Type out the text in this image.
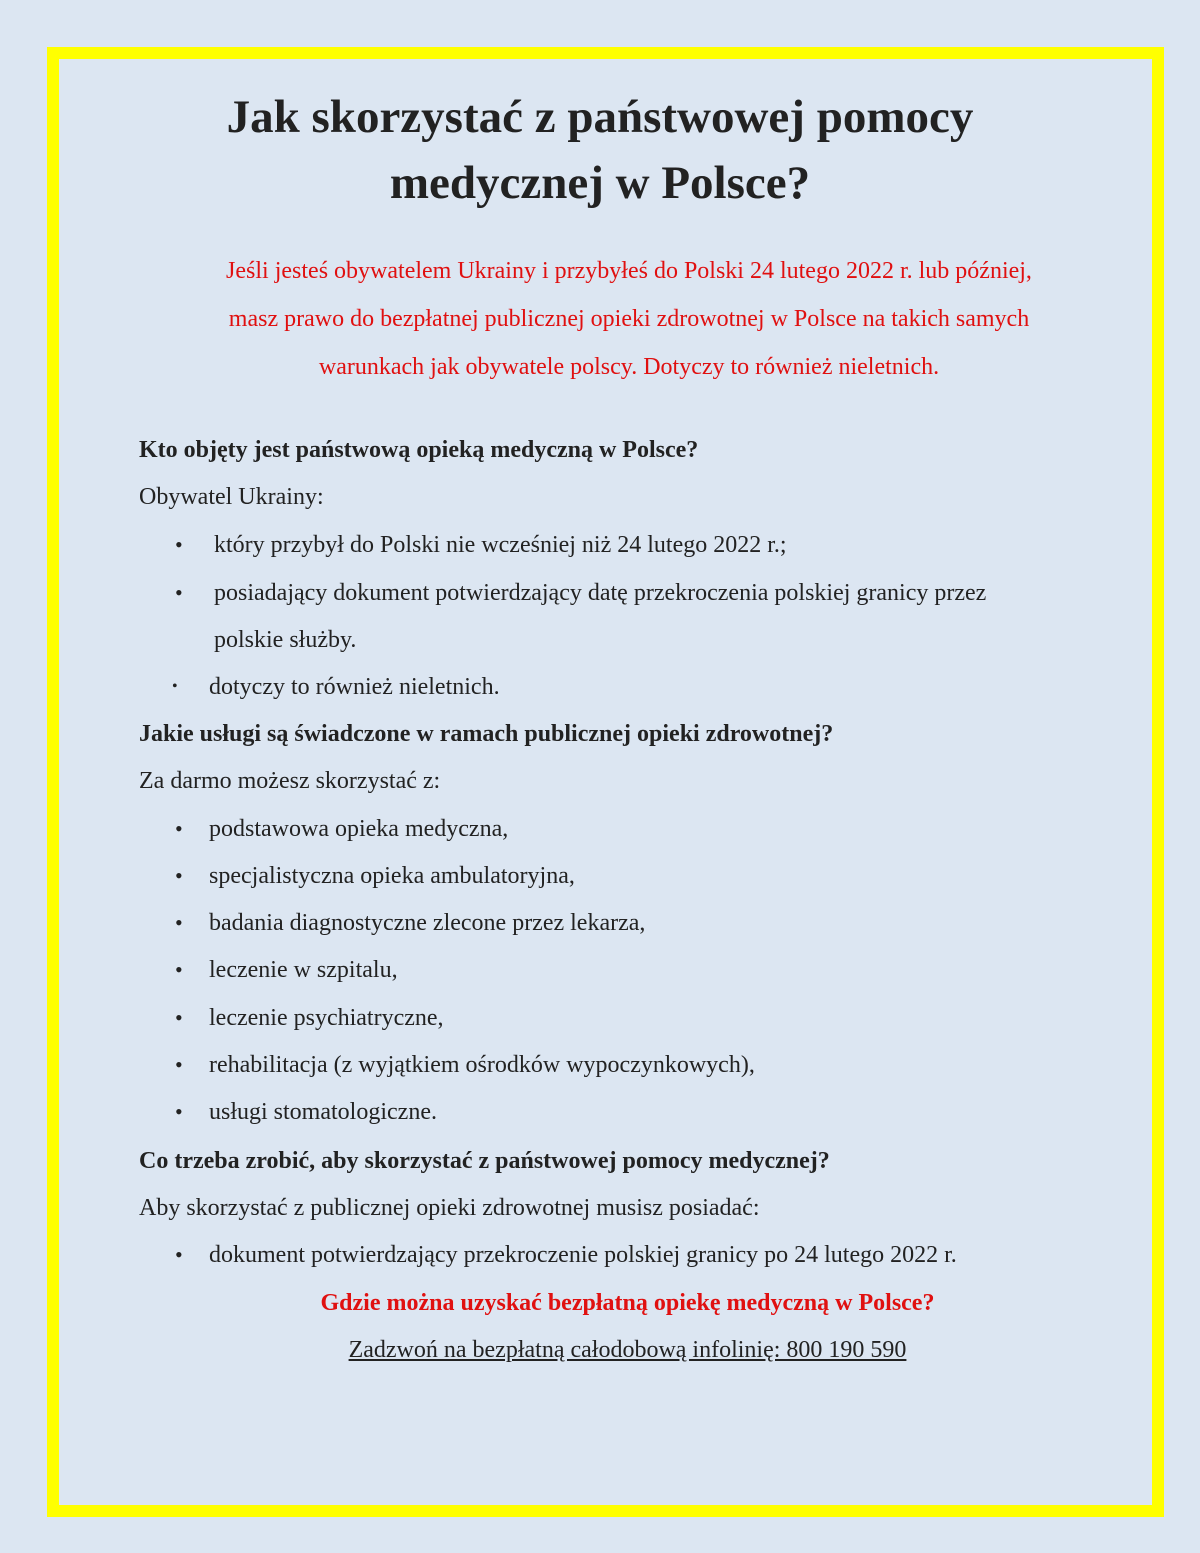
Jak skorzystać z państwowej pomocy
medycznej w Polsce?
Jeśli jesteś obywatelem Ukrainy i przybyłeś do Polski 24 lutego 2022 r. lub później,
masz prawo do bezpłatnej publicznej opieki zdrowotnej w Polsce na takich samych
warunkach jak obywatele polscy. Dotyczy to również nieletnich.
Kto objęty jest państwową opieką medyczną w Polsce?
Obywatel Ukrainy:
• który przybył do Polski nie wcześniej niż 24 lutego 2022 r.;
• posiadający dokument potwierdzający datę przekroczenia polskiej granicy przez
polskie służby.
• dotyczy to również nieletnich.
Jakie usługi są świadczone w ramach publicznej opieki zdrowotnej?
Za darmo możesz skorzystać z:
• podstawowa opieka medyczna,
• specjalistyczna opieka ambulatoryjna,
• badania diagnostyczne zlecone przez lekarza,
• leczenie w szpitalu,
• leczenie psychiatryczne,
• rehabilitacja (z wyjątkiem ośrodków wypoczynkowych),
• usługi stomatologiczne.
Co trzeba zrobić, aby skorzystać z państwowej pomocy medycznej?
Aby skorzystać z publicznej opieki zdrowotnej musisz posiadać:
• dokument potwierdzający przekroczenie polskiej granicy po 24 lutego 2022 r.
Gdzie można uzyskać bezpłatną opiekę medyczną w Polsce?
Zadzwoń na bezpłatną całodobową infolinię: 800 190 590
